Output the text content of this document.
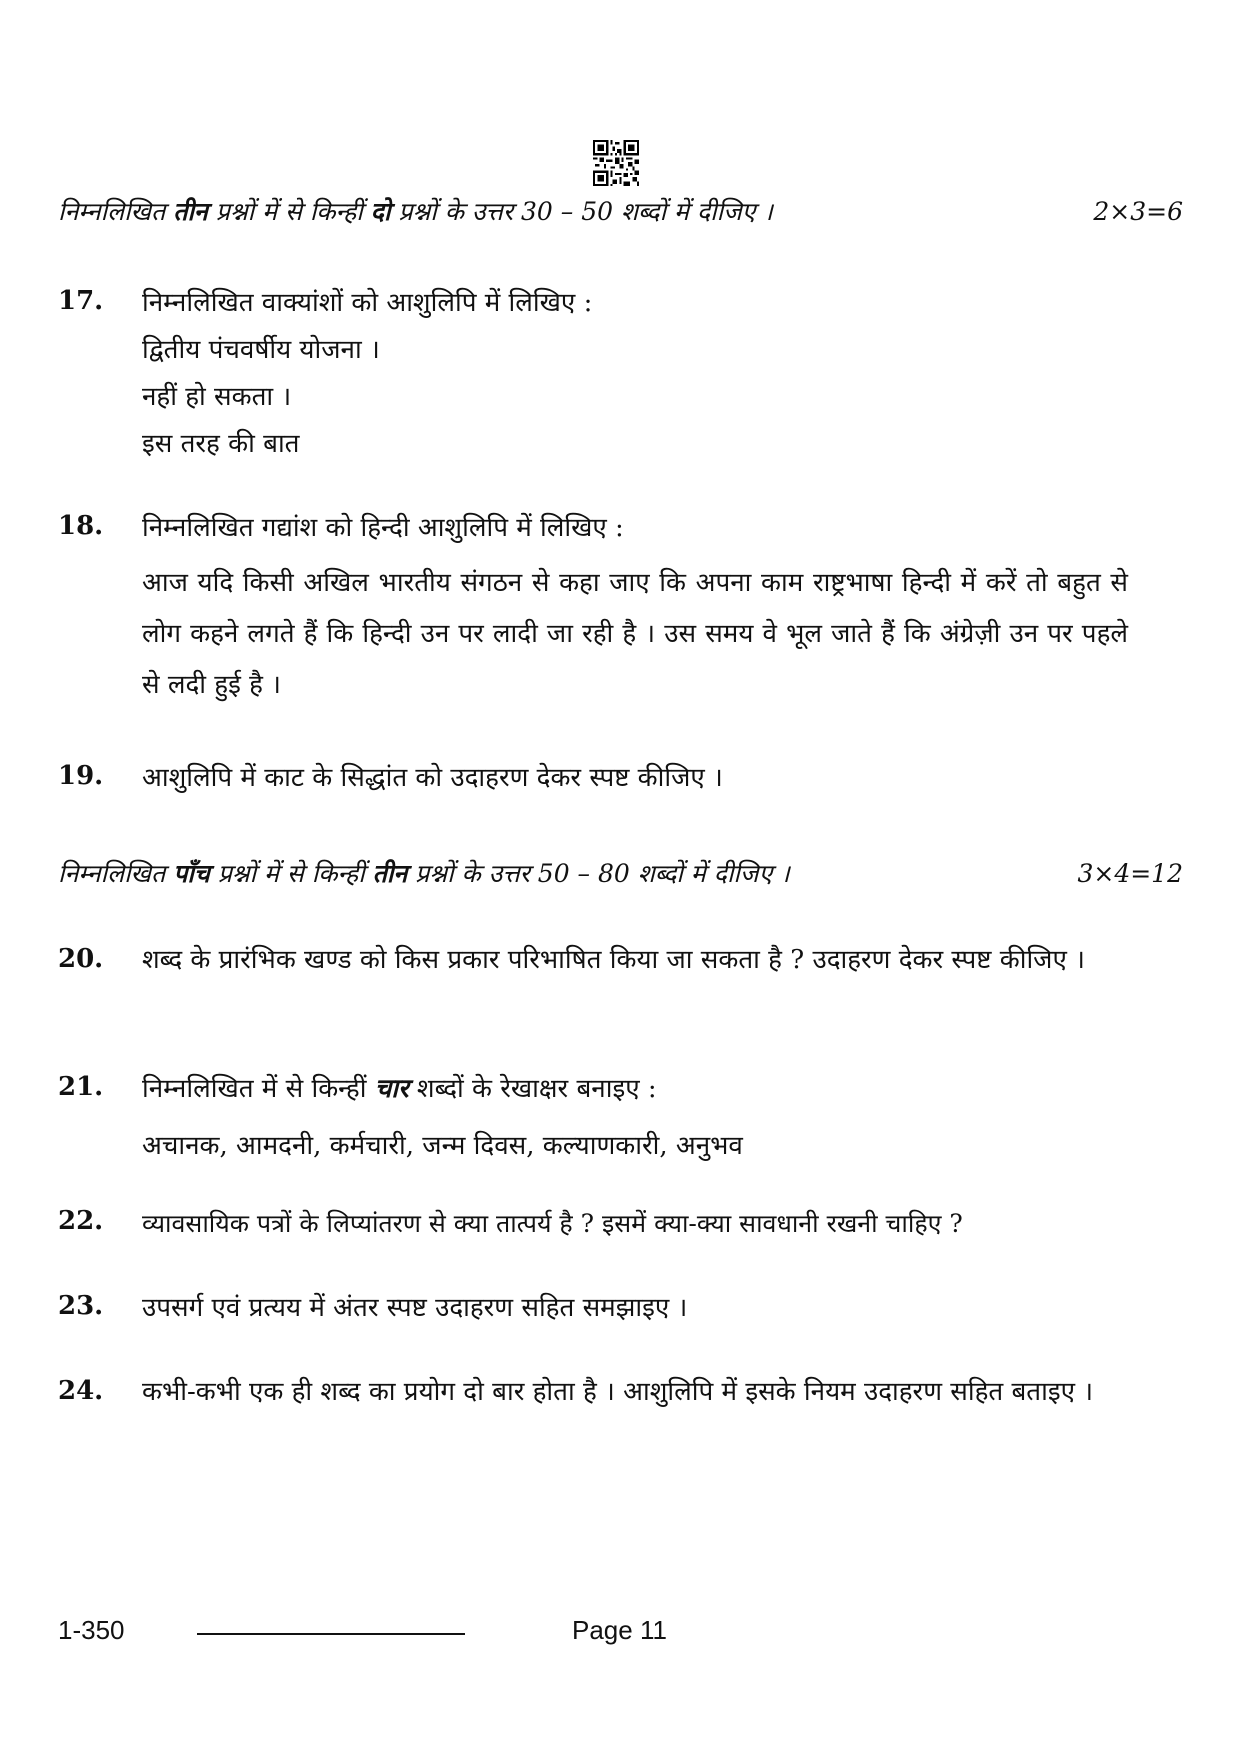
निम्नलिखित तीन प्रश्नों में से किन्हीं दो प्रश्नों के उत्तर 30 – 50 शब्दों में दीजिए ।	2×3=6
17. निम्नलिखित वाक्यांशों को आशुलिपि में लिखिए :
द्वितीय पंचवर्षीय योजना ।
नहीं हो सकता ।
इस तरह की बात
18. निम्नलिखित गद्यांश को हिन्दी आशुलिपि में लिखिए :
आज यदि किसी अखिल भारतीय संगठन से कहा जाए कि अपना काम राष्ट्रभाषा हिन्दी में करें तो बहुत से लोग कहने लगते हैं कि हिन्दी उन पर लादी जा रही है । उस समय वे भूल जाते हैं कि अंग्रेज़ी उन पर पहले से लदी हुई है ।
19. आशुलिपि में काट के सिद्धांत को उदाहरण देकर स्पष्ट कीजिए ।
निम्नलिखित पाँच प्रश्नों में से किन्हीं तीन प्रश्नों के उत्तर 50 – 80 शब्दों में दीजिए ।	3×4=12
20. शब्द के प्रारंभिक खण्ड को किस प्रकार परिभाषित किया जा सकता है ? उदाहरण देकर स्पष्ट कीजिए ।
21. निम्नलिखित में से किन्हीं चार शब्दों के रेखाक्षर बनाइए :
अचानक, आमदनी, कर्मचारी, जन्म दिवस, कल्याणकारी, अनुभव
22. व्यावसायिक पत्रों के लिप्यांतरण से क्या तात्पर्य है ? इसमें क्या-क्या सावधानी रखनी चाहिए ?
23. उपसर्ग एवं प्रत्यय में अंतर स्पष्ट उदाहरण सहित समझाइए ।
24. कभी-कभी एक ही शब्द का प्रयोग दो बार होता है । आशुलिपि में इसके नियम उदाहरण सहित बताइए ।
1-350	Page 11
